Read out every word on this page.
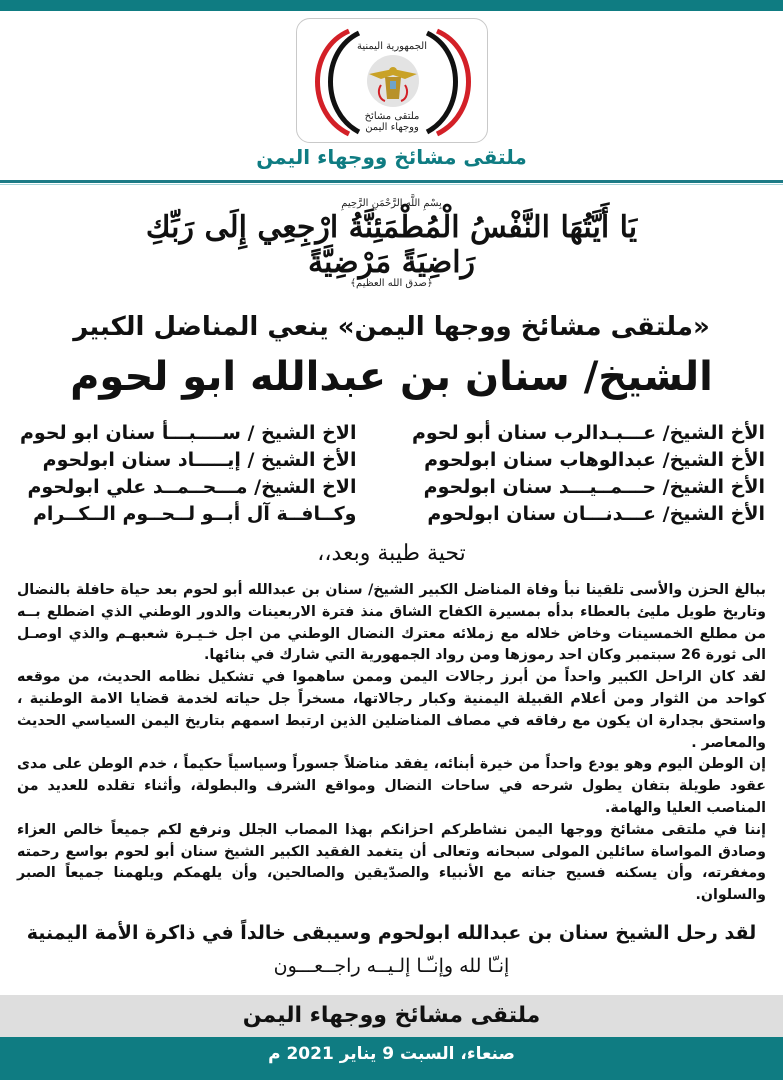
الجمهورية اليمنية
ملتقى مشائخ
ووجهاء اليمن
ملتقى مشائخ ووجهاء اليمن
بِسْمِ اللَّهِ الرَّحْمَنِ الرَّحِيمِ
يَا أَيَّتُهَا النَّفْسُ الْمُطْمَئِنَّةُ ارْجِعِي إِلَى رَبِّكِ رَاضِيَةً مَرْضِيَّةً
﴿صدق الله العظيم﴾
«ملتقى مشائخ ووجها اليمن» ينعي المناضل الكبير
الشيخ/ سنان بن عبدالله ابو لحوم
الأخ الشيخ/ عـــبـدالرب سنان أبو لحوم
الأخ الشيخ/ عبدالوهاب سنان ابولحوم
الأخ الشيخ/ حـــمــيـــد سنان ابولحوم
الأخ الشيخ/ عـــدنـــان سنان ابولحوم
الاخ الشيخ / ســــبـــأ سنان ابو لحوم
الأخ الشيخ / إيـــــاد سنان ابولحوم
الاخ الشيخ/ مـــحــمــد علي ابولحوم
وكــافــة آل أبــو لــحــوم الــكــرام
تحية طيبة وبعد،،

ببالغ الحزن والأسى تلقينا نبأ وفاة المناضل الكبير الشيخ/ سنان بن عبدالله أبو لحوم بعد حياة حافلة بالنضال وتاريخ طويل مليئ بالعطاء بدأه بمسيرة الكفاح الشاق منذ فترة الاربعينات والدور الوطني الذي اضطلع بــه من مطلع الخمسينات وخاض خلاله مع زملائه معترك النضال الوطني من اجل خـيـرة شعبهـم والذي اوصـل الى ثورة 26 سبتمبر وكان احد رموزها ومن رواد الجمهورية التي شارك في بنائها.

لقد كان الراحل الكبير واحداً من أبرز رجالات اليمن وممن ساهموا في تشكيل نظامه الحديث، من موقعه كواحد من الثوار ومن أعلام القبيلة اليمنية وكبار رجالاتها، مسخراً جل حياته لخدمة قضايا الامة الوطنية ، واستحق بجدارة ان يكون مع رفاقه في مصاف المناضلين الذين ارتبط اسمهم بتاريخ اليمن السياسي الحديث والمعاصر .

إن الوطن اليوم وهو يودع واحداً من خيرة أبنائه، يفقد مناضلاً جسوراً وسياسياً حكيماً ، خدم الوطن على مدى عقود طويلة بتفان يطول شرحه في ساحات النضال ومواقع الشرف والبطولة، وأثناء تقلده للعديد من المناصب العليا والهامة.

إننا في ملتقى مشائخ ووجها اليمن نشاطركم احزانكم بهذا المصاب الجلل ونرفع لكم جميعاً خالص العزاء وصادق المواساة سائلين المولى سبحانه وتعالى أن يتغمد الفقيد الكبير الشيخ سنان أبو لحوم بواسع رحمته ومغفرته، وأن يسكنه فسيح جناته مع الأنبياء والصدّيقين والصالحين، وأن يلهمكم ويلهمنا جميعاً الصبر والسلوان.

لقد رحل الشيخ سنان بن عبدالله ابولحوم وسيبقى خالداً في ذاكرة الأمة اليمنية
إنـّا لله وإنـّـا إلـيــه راجــعـــون
ملتقى مشائخ ووجهاء اليمن
صنعاء، السبت 9 يناير 2021 م
